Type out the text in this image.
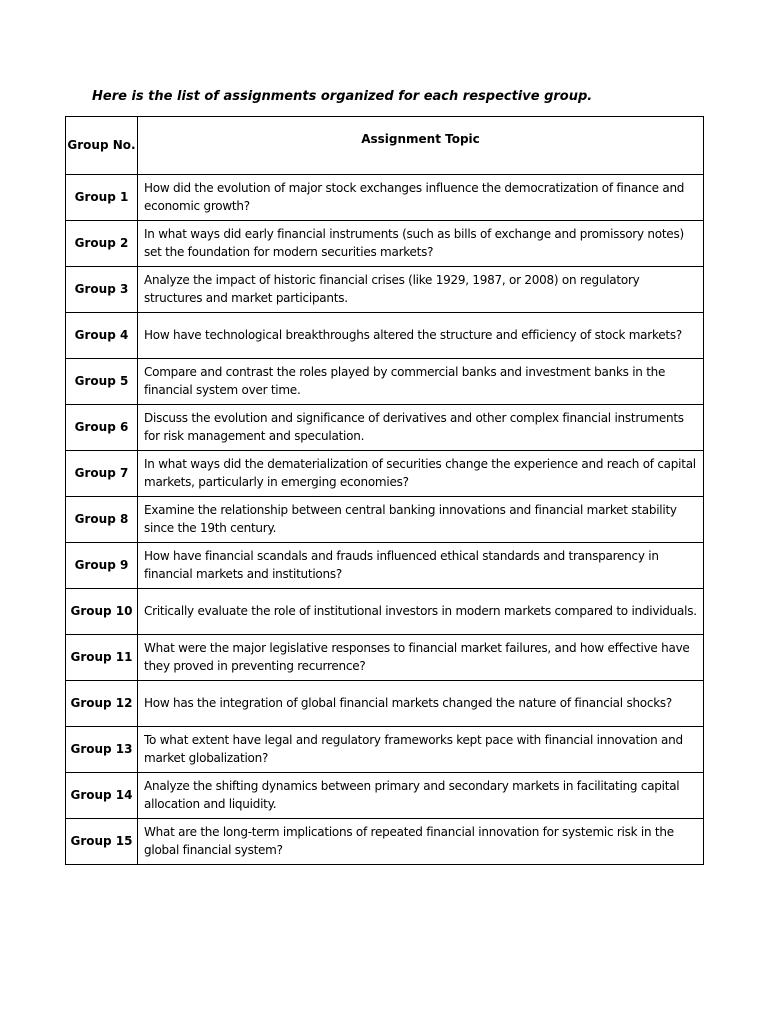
Here is the list of assignments organized for each respective group.
Group No.	Assignment Topic
Group 1	How did the evolution of major stock exchanges influence the democratization of finance and economic growth?
Group 2	In what ways did early financial instruments (such as bills of exchange and promissory notes) set the foundation for modern securities markets?
Group 3	Analyze the impact of historic financial crises (like 1929, 1987, or 2008) on regulatory structures and market participants.
Group 4	How have technological breakthroughs altered the structure and efficiency of stock markets?
Group 5	Compare and contrast the roles played by commercial banks and investment banks in the financial system over time.
Group 6	Discuss the evolution and significance of derivatives and other complex financial instruments for risk management and speculation.
Group 7	In what ways did the dematerialization of securities change the experience and reach of capital markets, particularly in emerging economies?
Group 8	Examine the relationship between central banking innovations and financial market stability since the 19th century.
Group 9	How have financial scandals and frauds influenced ethical standards and transparency in financial markets and institutions?
Group 10	Critically evaluate the role of institutional investors in modern markets compared to individuals.
Group 11	What were the major legislative responses to financial market failures, and how effective have they proved in preventing recurrence?
Group 12	How has the integration of global financial markets changed the nature of financial shocks?
Group 13	To what extent have legal and regulatory frameworks kept pace with financial innovation and market globalization?
Group 14	Analyze the shifting dynamics between primary and secondary markets in facilitating capital allocation and liquidity.
Group 15	What are the long-term implications of repeated financial innovation for systemic risk in the global financial system?
